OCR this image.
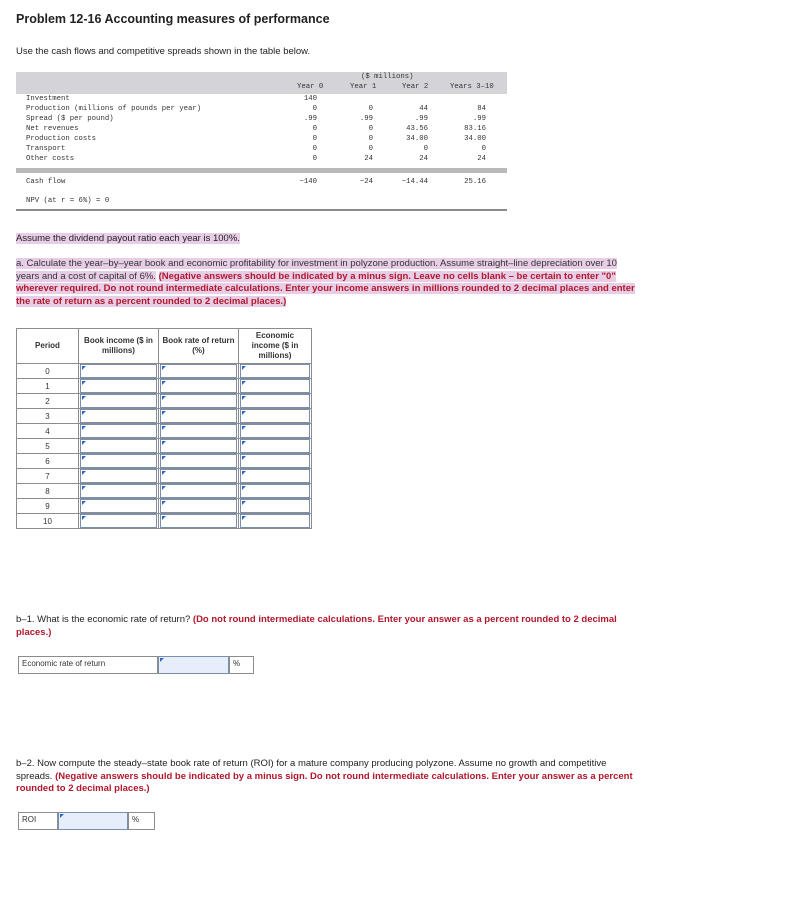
Problem 12-16 Accounting measures of performance
Use the cash flows and competitive spreads shown in the table below.
($ millions)
Year 0	Year 1	Year 2	Years 3–10
Investment	140
Production (millions of pounds per year)	0	0	44	84
Spread ($ per pound)	.99	.99	.99	.99
Net revenues	0	0	43.56	83.16
Production costs	0	0	34.00	34.00
Transport	0	0	0	0
Other costs	0	24	24	24
Cash flow	−140	−24	−14.44	25.16
NPV (at r = 6%) = 0
Assume the dividend payout ratio each year is 100%.
a. Calculate the year–by–year book and economic profitability for investment in polyzone production. Assume straight–line depreciation over 10 years and a cost of capital of 6%. (Negative answers should be indicated by a minus sign. Leave no cells blank – be certain to enter "0" wherever required. Do not round intermediate calculations. Enter your income answers in millions rounded to 2 decimal places and enter the rate of return as a percent rounded to 2 decimal places.)
Period	Book income ($ in millions)	Book rate of return (%)	Economic income ($ in millions)
0	

1	

2	

3	

4	

5	

6	

7	

8	

9	

10	

b–1. What is the economic rate of return? (Do not round intermediate calculations. Enter your answer as a percent rounded to 2 decimal places.)
Economic rate of return	%
b–2. Now compute the steady–state book rate of return (ROI) for a mature company producing polyzone. Assume no growth and competitive spreads. (Negative answers should be indicated by a minus sign. Do not round intermediate calculations. Enter your answer as a percent rounded to 2 decimal places.)
ROI	%
